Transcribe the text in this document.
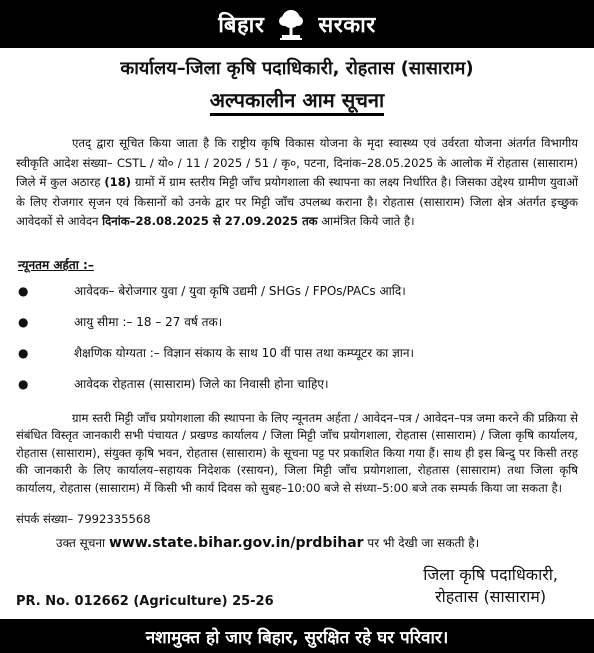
बिहार सरकार
कार्यालय–जिला कृषि पदाधिकारी, रोहतास (सासाराम)
अल्पकालीन आम सूचना

एतद् द्वारा सूचित किया जाता है कि राष्ट्रीय कृषि विकास योजना के मृदा स्वास्थ्य एवं उर्वरता योजना अंतर्गत विभागीय स्वीकृति आदेश संख्या– CSTL / यो० / 11 / 2025 / 51 / कृ०, पटना, दिनांक–28.05.2025 के आलोक में रोहतास (सासाराम) जिले में कुल अठारह (18) ग्रामों में ग्राम स्तरीय मिट्टी जाँच प्रयोगशाला की स्थापना का लक्ष्य निर्धारित है। जिसका उद्देश्य ग्रामीण युवाओं के लिए रोजगार सृजन एवं किसानों को उनके द्वार पर मिट्टी जाँच उपलब्ध कराना है। रोहतास (सासाराम) जिला क्षेत्र अंतर्गत इच्छुक आवेदकों से आवेदन दिनांक–28.08.2025 से 27.09.2025 तक आमंत्रित किये जाते है।

न्यूनतम अर्हता :–
●	आवेदक– बेरोजगार युवा / युवा कृषि उद्यमी / SHGs / FPOs/PACs आदि।
●	आयु सीमा :– 18 – 27 वर्ष तक।
●	शैक्षणिक योग्यता :– विज्ञान संकाय के साथ 10 वीं पास तथा कम्प्यूटर का ज्ञान।
●	आवेदक रोहतास (सासाराम) जिले का निवासी होना चाहिए।

ग्राम स्तरी मिट्टी जाँच प्रयोगशाला की स्थापना के लिए न्यूनतम अर्हता / आवेदन–पत्र / आवेदन–पत्र जमा करने की प्रक्रिया से संबंधित विस्तृत जानकारी सभी पंचायत / प्रखण्ड कार्यालय / जिला मिट्टी जाँच प्रयोगशाला, रोहतास (सासाराम) / जिला कृषि कार्यालय, रोहतास (सासाराम), संयुक्त कृषि भवन, रोहतास (सासाराम) के सूचना पट्ट पर प्रकाशित किया गया हैं। साथ ही इस बिन्दु पर किसी तरह की जानकारी के लिए कार्यालय–सहायक निदेशक (रसायन), जिला मिट्टी जाँच प्रयोगशाला, रोहतास (सासाराम) तथा जिला कृषि कार्यालय, रोहतास (सासाराम) में किसी भी कार्य दिवस को सुबह–10:00 बजे से संध्या–5:00 बजे तक सम्पर्क किया जा सकता है।

संपर्क संख्या– 7992335568
उक्त सूचना www.state.bihar.gov.in/prdbihar पर भी देखी जा सकती है।
जिला कृषि पदाधिकारी,
रोहतास (सासाराम)
PR. No. 012662 (Agriculture) 25-26
नशामुक्त हो जाए बिहार, सुरक्षित रहे घर परिवार।
